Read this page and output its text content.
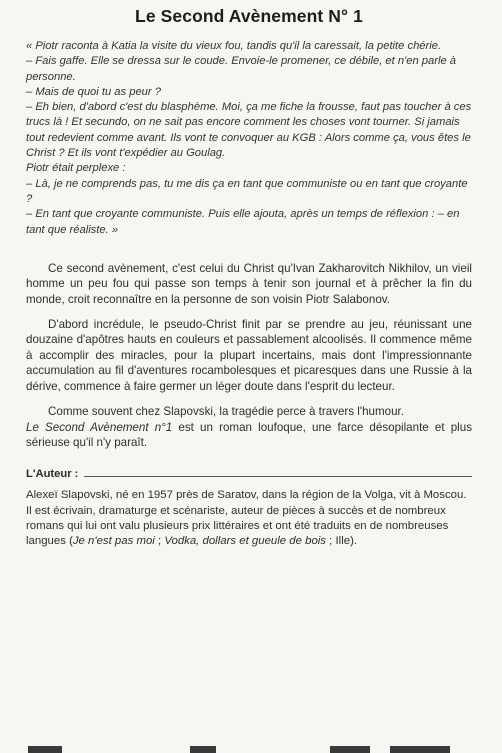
Le Second Avènement N° 1

« Piotr raconta à Katia la visite du vieux fou, tandis qu'il la caressait, la petite chérie.

– Fais gaffe. Elle se dressa sur le coude. Envoie-le promener, ce débile, et n'en parle à personne.

– Mais de quoi tu as peur ?

– Eh bien, d'abord c'est du blasphème. Moi, ça me fiche la frousse, faut pas toucher à ces trucs là ! Et secundo, on ne sait pas encore comment les choses vont tourner. Si jamais tout redevient comme avant. Ils vont te convoquer au KGB : Alors comme ça, vous êtes le Christ ? Et ils vont t'expédier au Goulag.

Piotr était perplexe :

– Là, je ne comprends pas, tu me dis ça en tant que communiste ou en tant que croyante ?

– En tant que croyante communiste. Puis elle ajouta, après un temps de réflexion : – en tant que réaliste. »

Ce second avènement, c'est celui du Christ qu'Ivan Zakharovitch Nikhilov, un vieil homme un peu fou qui passe son temps à tenir son journal et à prêcher la fin du monde, croit reconnaître en la personne de son voisin Piotr Salabonov.

D'abord incrédule, le pseudo-Christ finit par se prendre au jeu, réunissant une douzaine d'apôtres hauts en couleurs et passablement alcoolisés. Il commence même à accomplir des miracles, pour la plupart incertains, mais dont l'impressionnante accumulation au fil d'aventures rocambolesques et picaresques dans une Russie à la dérive, commence à faire germer un léger doute dans l'esprit du lecteur.

Comme souvent chez Slapovski, la tragédie perce à travers l'humour.
Le Second Avènement n°1 est un roman loufoque, une farce désopilante et plus sérieuse qu'il n'y paraît.

L'Auteur :

Alexeï Slapovski, né en 1957 près de Saratov, dans la région de la Volga, vit à Moscou. Il est écrivain, dramaturge et scénariste, auteur de pièces à succès et de nombreux romans qui lui ont valu plusieurs prix littéraires et ont été traduits en de nombreuses langues (Je n'est pas moi ; Vodka, dollars et gueule de bois ; Ille).
